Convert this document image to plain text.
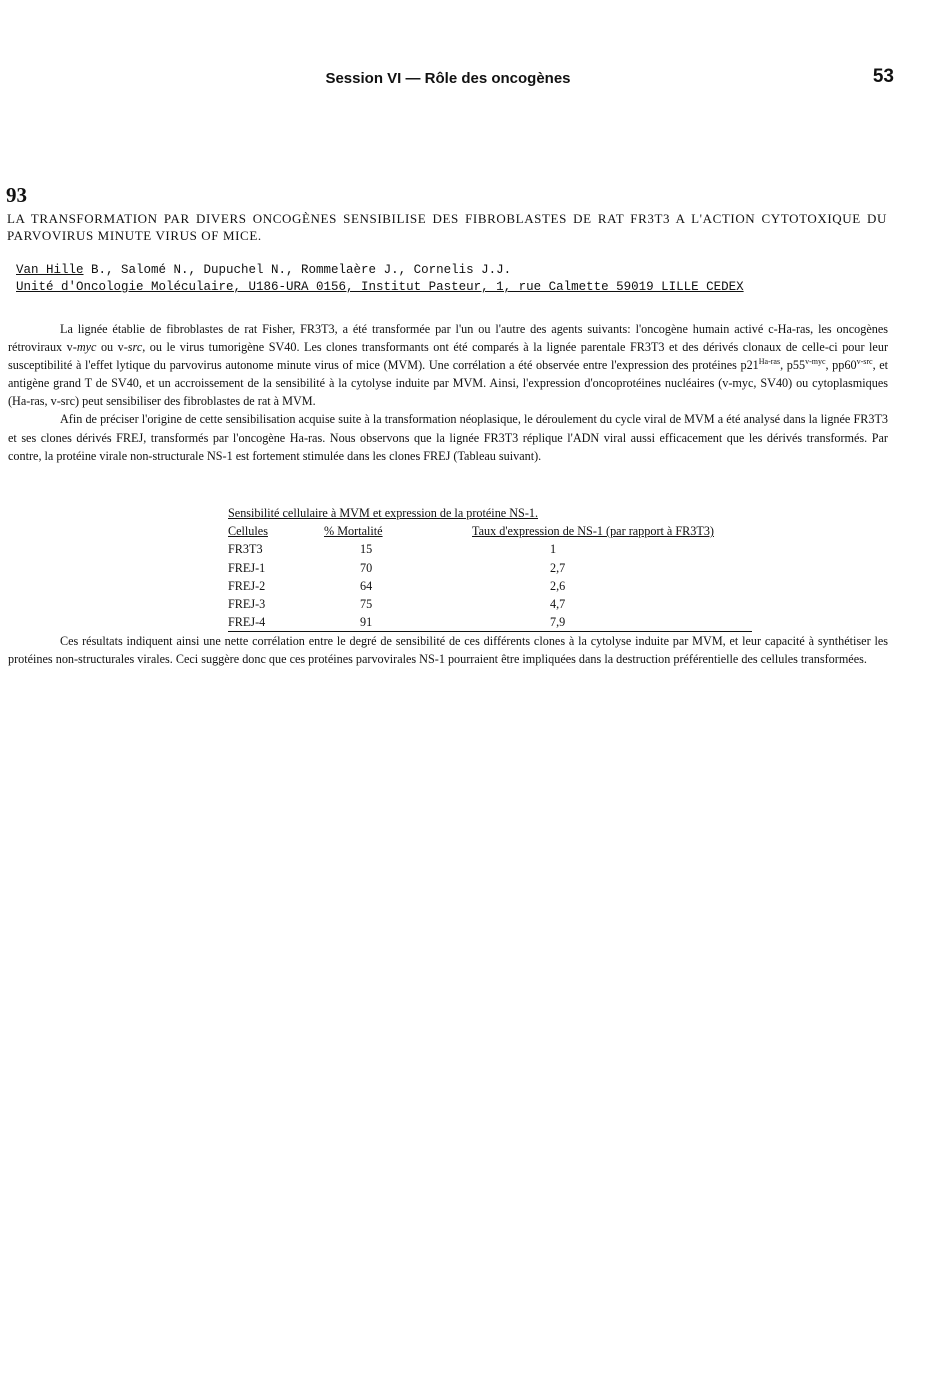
Session VI — Rôle des oncogènes	53
93
LA TRANSFORMATION PAR DIVERS ONCOGÈNES SENSIBILISE DES FIBROBLASTES DE RAT FR3T3 A L'ACTION CYTOTOXIQUE DU PARVOVIRUS MINUTE VIRUS OF MICE.
Van Hille B., Salomé N., Dupuchel N., Rommelaère J., Cornelis J.J.
Unité d'Oncologie Moléculaire, U186-URA 0156, Institut Pasteur, 1, rue Calmette 59019 LILLE CEDEX

La lignée établie de fibroblastes de rat Fisher, FR3T3, a été transformée par l'un ou l'autre des agents suivants: l'oncogène humain activé c-Ha-ras, les oncogènes rétroviraux v-myc ou v-src, ou le virus tumorigène SV40. Les clones transformants ont été comparés à la lignée parentale FR3T3 et des dérivés clonaux de celle-ci pour leur susceptibilité à l'effet lytique du parvovirus autonome minute virus of mice (MVM). Une corrélation a été observée entre l'expression des protéines $p21^{Ha-ras}$, $p55^{v-myc}$, $pp60^{v-src}$, et antigène grand T de SV40, et un accroissement de la sensibilité à la cytolyse induite par MVM. Ainsi, l'expression d'oncoprotéines nucléaires (v-myc, SV40) ou cytoplasmiques (Ha-ras, v-src) peut sensibiliser des fibroblastes de rat à MVM.

Afin de préciser l'origine de cette sensibilisation acquise suite à la transformation néoplasique, le déroulement du cycle viral de MVM a été analysé dans la lignée FR3T3 et ses clones dérivés FREJ, transformés par l'oncogène Ha-ras. Nous observons que la lignée FR3T3 réplique l'ADN viral aussi efficacement que les dérivés transformés. Par contre, la protéine virale non-structurale NS-1 est fortement stimulée dans les clones FREJ (Tableau suivant).

Sensibilité cellulaire à MVM et expression de la protéine NS-1.
Cellules	% Mortalité	Taux d'expression de NS-1 (par rapport à FR3T3)
FR3T3	15	1
FREJ-1	70	2,7
FREJ-2	64	2,6
FREJ-3	75	4,7
FREJ-4	91	7,9

Ces résultats indiquent ainsi une nette corrélation entre le degré de sensibilité de ces différents clones à la cytolyse induite par MVM, et leur capacité à synthétiser les protéines non-structurales virales. Ceci suggère donc que ces protéines parvovirales NS-1 pourraient être impliquées dans la destruction préférentielle des cellules transformées.
